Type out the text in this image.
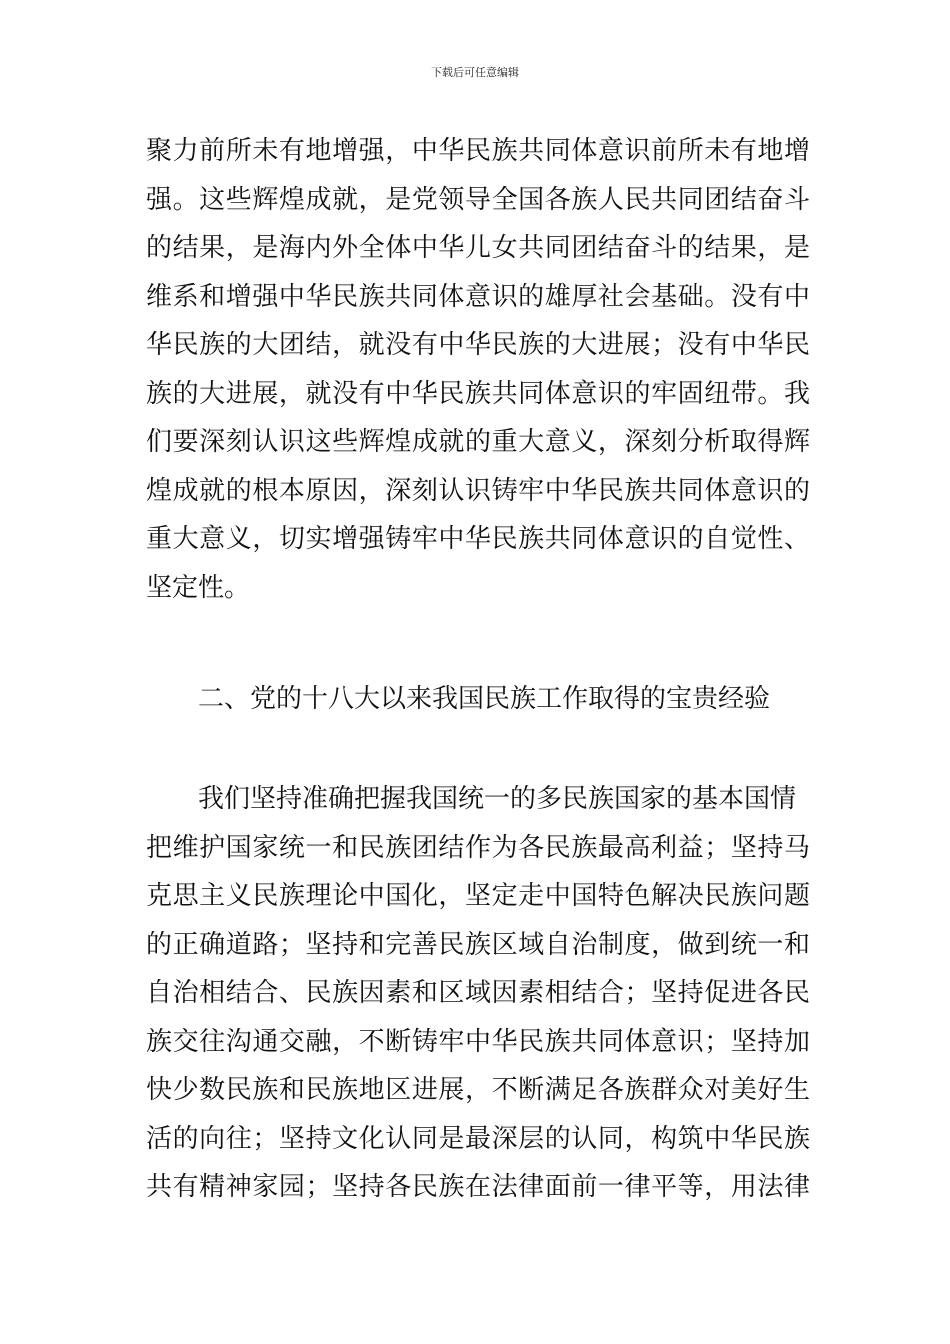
下载后可任意编辑
聚力前所未有地增强，中华民族共同体意识前所未有地增
强。这些辉煌成就，是党领导全国各族人民共同团结奋斗
的结果，是海内外全体中华儿女共同团结奋斗的结果，是
维系和增强中华民族共同体意识的雄厚社会基础。没有中
华民族的大团结，就没有中华民族的大进展；没有中华民
族的大进展，就没有中华民族共同体意识的牢固纽带。我
们要深刻认识这些辉煌成就的重大意义，深刻分析取得辉
煌成就的根本原因，深刻认识铸牢中华民族共同体意识的
重大意义，切实增强铸牢中华民族共同体意识的自觉性、
坚定性。
二、党的十八大以来我国民族工作取得的宝贵经验
我们坚持准确把握我国统一的多民族国家的基本国情
把维护国家统一和民族团结作为各民族最高利益；坚持马
克思主义民族理论中国化，坚定走中国特色解决民族问题
的正确道路；坚持和完善民族区域自治制度，做到统一和
自治相结合、民族因素和区域因素相结合；坚持促进各民
族交往沟通交融，不断铸牢中华民族共同体意识；坚持加
快少数民族和民族地区进展，不断满足各族群众对美好生
活的向往；坚持文化认同是最深层的认同，构筑中华民族
共有精神家园；坚持各民族在法律面前一律平等，用法律
